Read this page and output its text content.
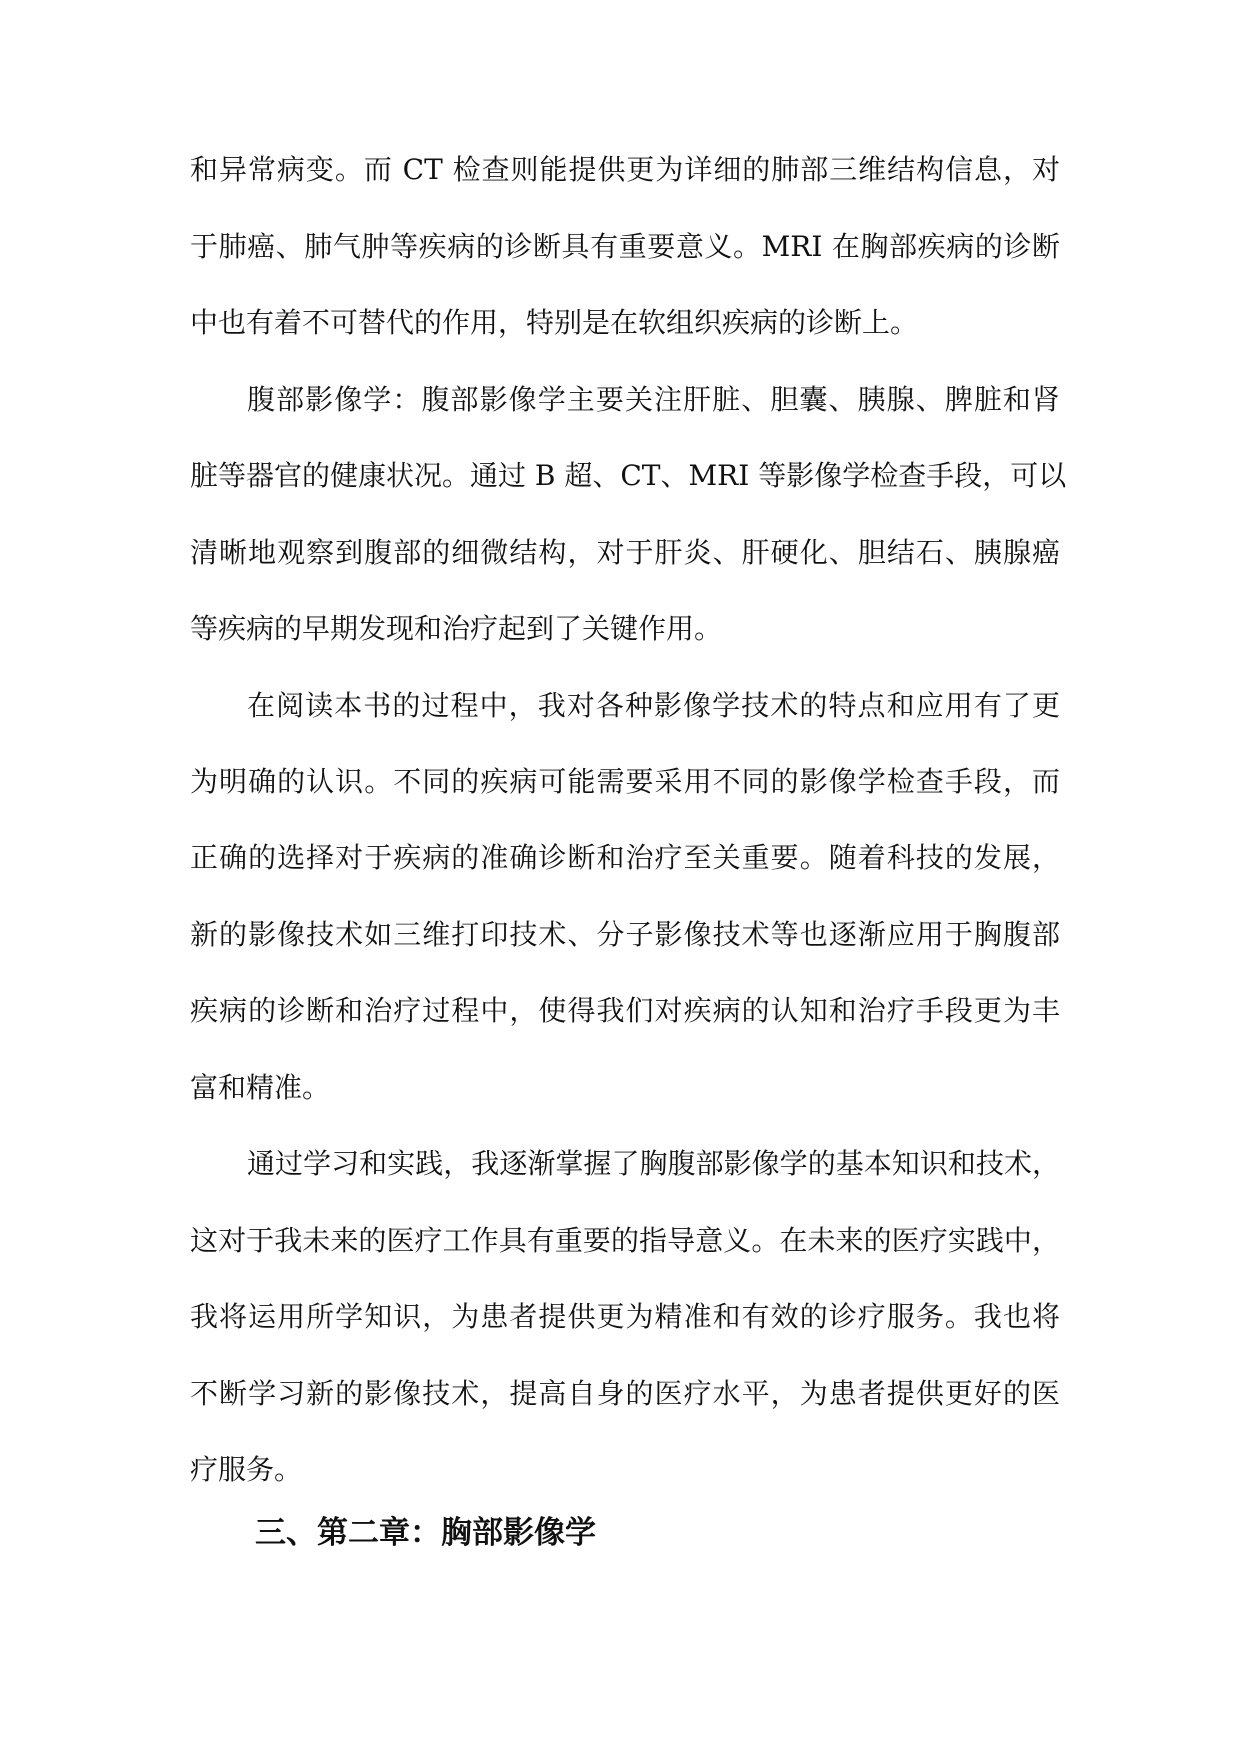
和异常病变。而 CT 检查则能提供更为详细的肺部三维结构信息，对
于肺癌、肺气肿等疾病的诊断具有重要意义。MRI 在胸部疾病的诊断
中也有着不可替代的作用，特别是在软组织疾病的诊断上。
腹部影像学：腹部影像学主要关注肝脏、胆囊、胰腺、脾脏和肾
脏等器官的健康状况。通过 B 超、CT、MRI 等影像学检查手段，可以
清晰地观察到腹部的细微结构，对于肝炎、肝硬化、胆结石、胰腺癌
等疾病的早期发现和治疗起到了关键作用。
在阅读本书的过程中，我对各种影像学技术的特点和应用有了更
为明确的认识。不同的疾病可能需要采用不同的影像学检查手段，而
正确的选择对于疾病的准确诊断和治疗至关重要。随着科技的发展，
新的影像技术如三维打印技术、分子影像技术等也逐渐应用于胸腹部
疾病的诊断和治疗过程中，使得我们对疾病的认知和治疗手段更为丰
富和精准。
通过学习和实践，我逐渐掌握了胸腹部影像学的基本知识和技术，
这对于我未来的医疗工作具有重要的指导意义。在未来的医疗实践中，
我将运用所学知识，为患者提供更为精准和有效的诊疗服务。我也将
不断学习新的影像技术，提高自身的医疗水平，为患者提供更好的医
疗服务。
三、第二章：胸部影像学
